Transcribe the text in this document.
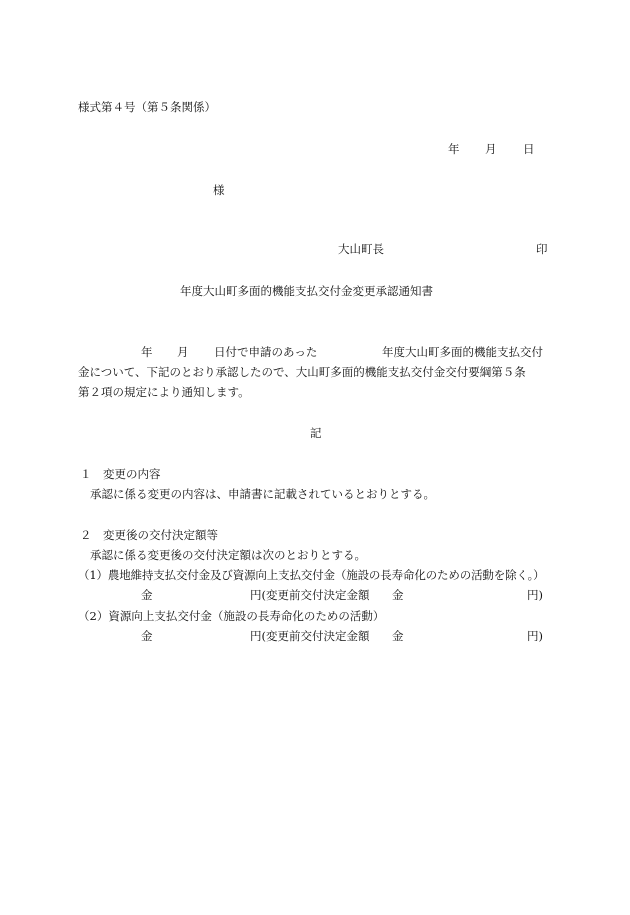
様式第４号（第５条関係）
年 月 日
様
大山町長	印
年度大山町多面的機能支払交付金変更承認通知書
年 月 日付で申請のあった	年度大山町多面的機能支払交付
金について、下記のとおり承認したので、大山町多面的機能支払交付金交付要綱第５条
第２項の規定により通知します。
記
１　変更の内容
承認に係る変更の内容は、申請書に記載されているとおりとする。
２　変更後の交付決定額等
承認に係る変更後の交付決定額は次のとおりとする。
（1）農地維持支払交付金及び資源向上支払交付金（施設の長寿命化のための活動を除く。）
金	円(変更前交付決定金額 金	円)
（2）資源向上支払交付金（施設の長寿命化のための活動）
金	円(変更前交付決定金額 金	円)
